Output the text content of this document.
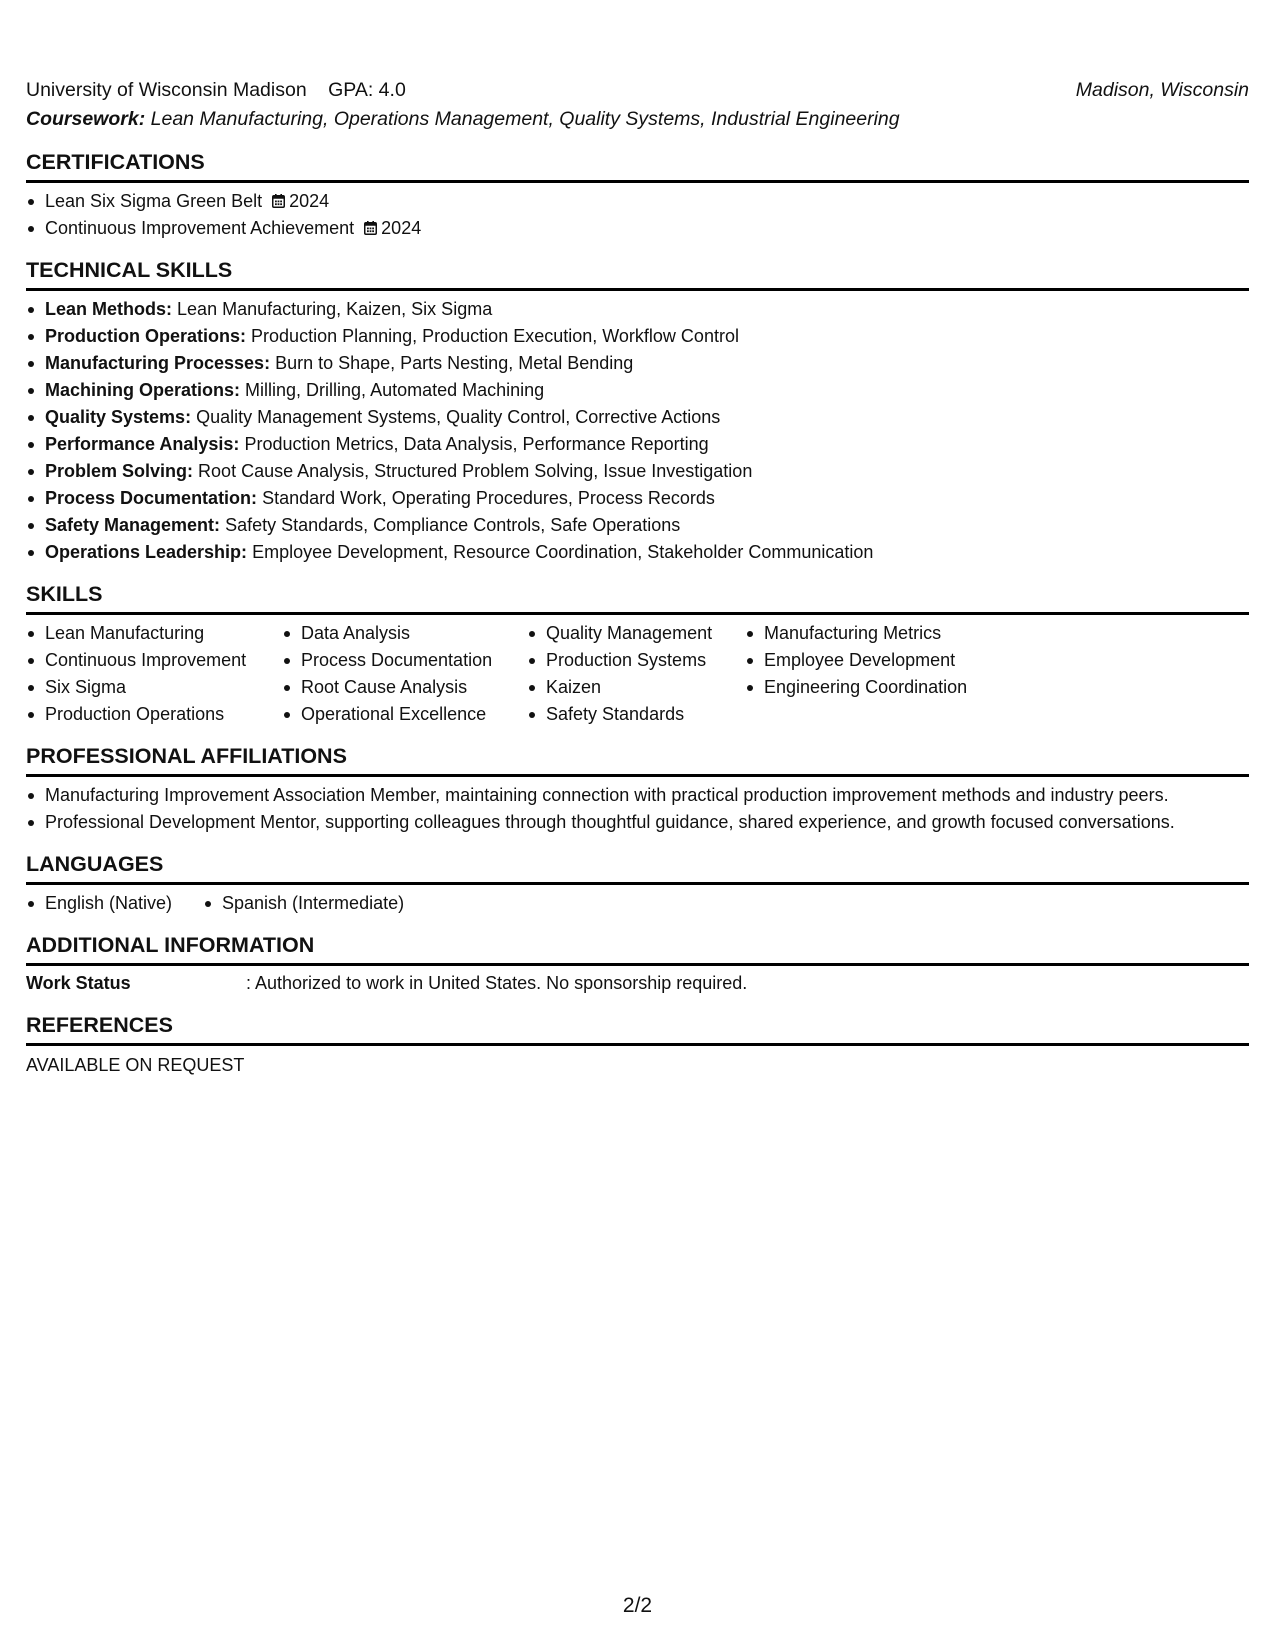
University of Wisconsin Madison GPA: 4.0	Madison, Wisconsin
Coursework: Lean Manufacturing, Operations Management, Quality Systems, Industrial Engineering
CERTIFICATIONS
Lean Six Sigma Green Belt 2024
Continuous Improvement Achievement 2024
TECHNICAL SKILLS
Lean Methods: Lean Manufacturing, Kaizen, Six Sigma
Production Operations: Production Planning, Production Execution, Workflow Control
Manufacturing Processes: Burn to Shape, Parts Nesting, Metal Bending
Machining Operations: Milling, Drilling, Automated Machining
Quality Systems: Quality Management Systems, Quality Control, Corrective Actions
Performance Analysis: Production Metrics, Data Analysis, Performance Reporting
Problem Solving: Root Cause Analysis, Structured Problem Solving, Issue Investigation
Process Documentation: Standard Work, Operating Procedures, Process Records
Safety Management: Safety Standards, Compliance Controls, Safe Operations
Operations Leadership: Employee Development, Resource Coordination, Stakeholder Communication
SKILLS
Lean Manufacturing
Continuous Improvement
Six Sigma
Production Operations
Data Analysis
Process Documentation
Root Cause Analysis
Operational Excellence
Quality Management
Production Systems
Kaizen
Safety Standards
Manufacturing Metrics
Employee Development
Engineering Coordination
PROFESSIONAL AFFILIATIONS
Manufacturing Improvement Association Member, maintaining connection with practical production improvement methods and industry peers.
Professional Development Mentor, supporting colleagues through thoughtful guidance, shared experience, and growth focused conversations.
LANGUAGES
English (Native)	Spanish (Intermediate)
ADDITIONAL INFORMATION
Work Status	: Authorized to work in United States. No sponsorship required.
REFERENCES
AVAILABLE ON REQUEST
2/2
